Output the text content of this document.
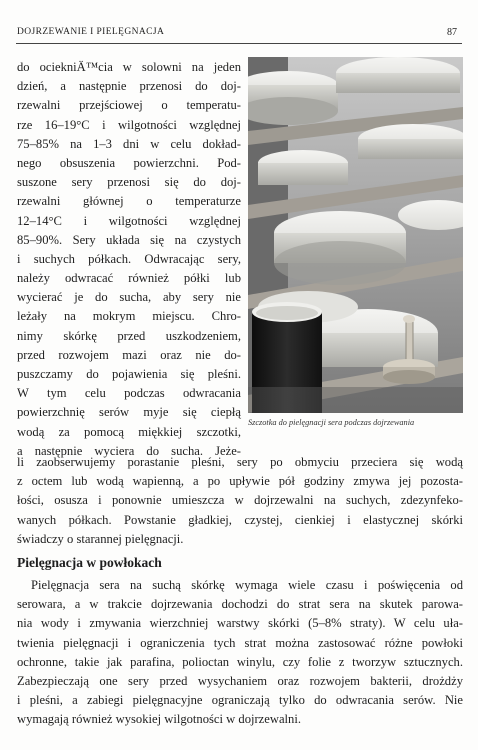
DOJRZEWANIE I PIELĘGNACJA	87
do ociekniÄ™cia w solowni na jeden
dzień, a następnie przenosi do doj-
rzewalni przejściowej o temperatu-
rze 16–19°C i wilgotności względnej
75–85% na 1–3 dni w celu dokład-
nego obsuszenia powierzchni. Pod-
suszone sery przenosi się do doj-
rzewalni głównej o temperaturze
12–14°C i wilgotności względnej
85–90%. Sery układa się na czystych
i suchych półkach. Odwracając sery,
należy odwracać również półki lub
wycierać je do sucha, aby sery nie
leżały na mokrym miejscu. Chro-
nimy skórkę przed uszkodzeniem,
przed rozwojem mazi oraz nie do-
puszczamy do pojawienia się pleśni.
W tym celu podczas odwracania
powierzchnię serów myje się ciepłą
wodą za pomocą miękkiej szczotki,
a następnie wyciera do sucha. Jeże-
Szczotka do pielęgnacji sera podczas dojrzewania
li zaobserwujemy porastanie pleśni, sery po obmyciu przeciera się wodą
z octem lub wodą wapienną, a po upływie pół godziny zmywa jej pozosta-
łości, osusza i ponownie umieszcza w dojrzewalni na suchych, zdezynfeko-
wanych półkach. Powstanie gładkiej, czystej, cienkiej i elastycznej skórki
świadczy o starannej pielęgnacji.
Pielęgnacja w powłokach
Pielęgnacja sera na suchą skórkę wymaga wiele czasu i poświęcenia od
serowara, a w trakcie dojrzewania dochodzi do strat sera na skutek parowa-
nia wody i zmywania wierzchniej warstwy skórki (5–8% straty). W celu uła-
twienia pielęgnacji i ograniczenia tych strat można zastosować różne powłoki
ochronne, takie jak parafina, polioctan winylu, czy folie z tworzyw sztucznych.
Zabezpieczają one sery przed wysychaniem oraz rozwojem bakterii, drożdży
i pleśni, a zabiegi pielęgnacyjne ograniczają tylko do odwracania serów. Nie
wymagają również wysokiej wilgotności w dojrzewalni.
